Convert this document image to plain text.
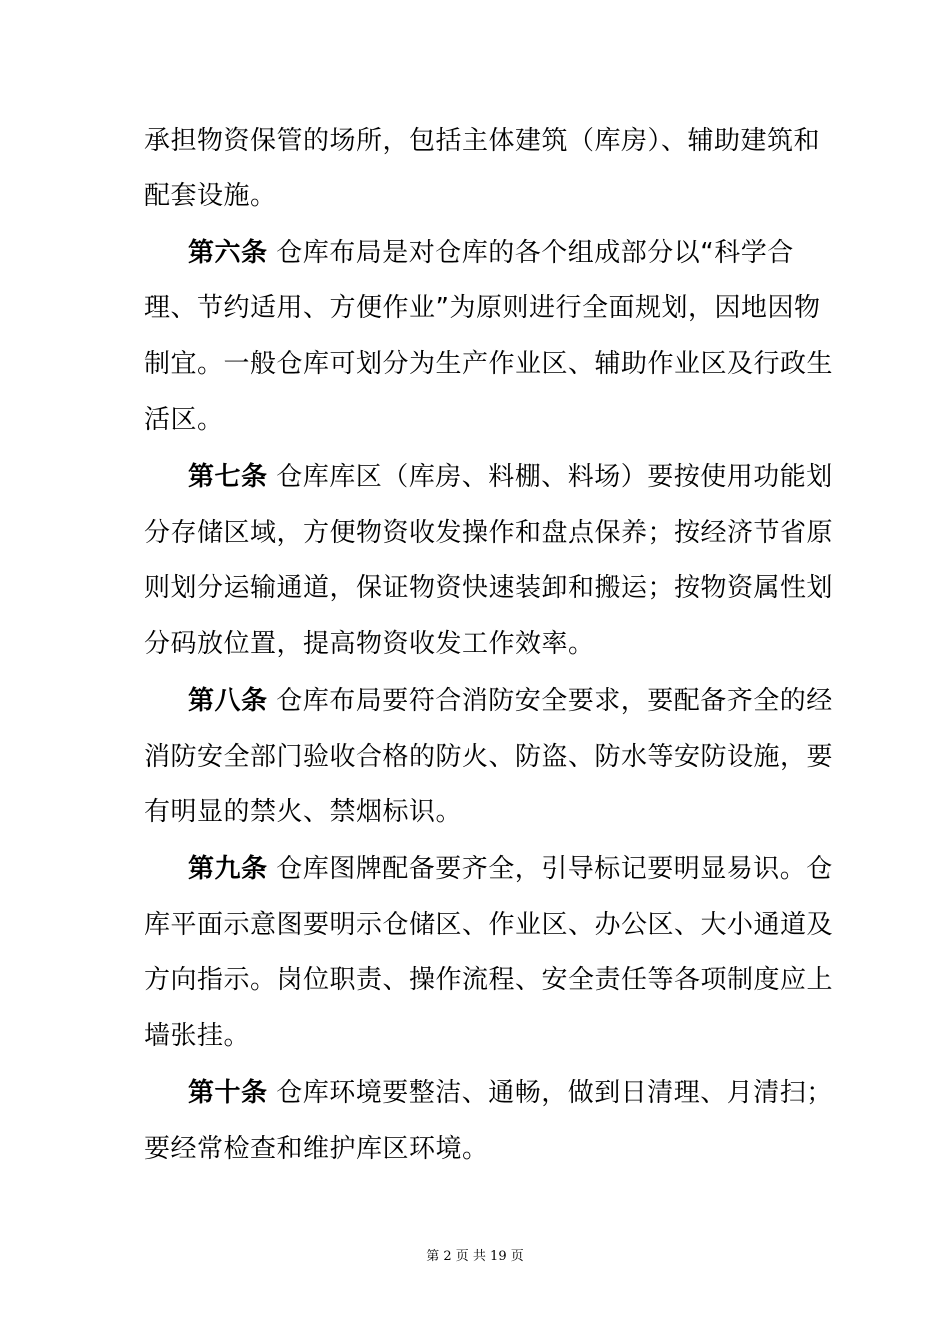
承担物资保管的场所，包括主体建筑（库房）、辅助建筑和
配套设施。
第六条 仓库布局是对仓库的各个组成部分以“科学合
理、节约适用、方便作业”为原则进行全面规划，因地因物
制宜。一般仓库可划分为生产作业区、辅助作业区及行政生
活区。
第七条 仓库库区（库房、料棚、料场）要按使用功能划
分存储区域，方便物资收发操作和盘点保养；按经济节省原
则划分运输通道，保证物资快速装卸和搬运；按物资属性划
分码放位置，提高物资收发工作效率。
第八条 仓库布局要符合消防安全要求，要配备齐全的经
消防安全部门验收合格的防火、防盗、防水等安防设施，要
有明显的禁火、禁烟标识。
第九条 仓库图牌配备要齐全，引导标记要明显易识。仓
库平面示意图要明示仓储区、作业区、办公区、大小通道及
方向指示。岗位职责、操作流程、安全责任等各项制度应上
墙张挂。
第十条 仓库环境要整洁、通畅，做到日清理、月清扫；
要经常检查和维护库区环境。
第 2 页 共 19 页
